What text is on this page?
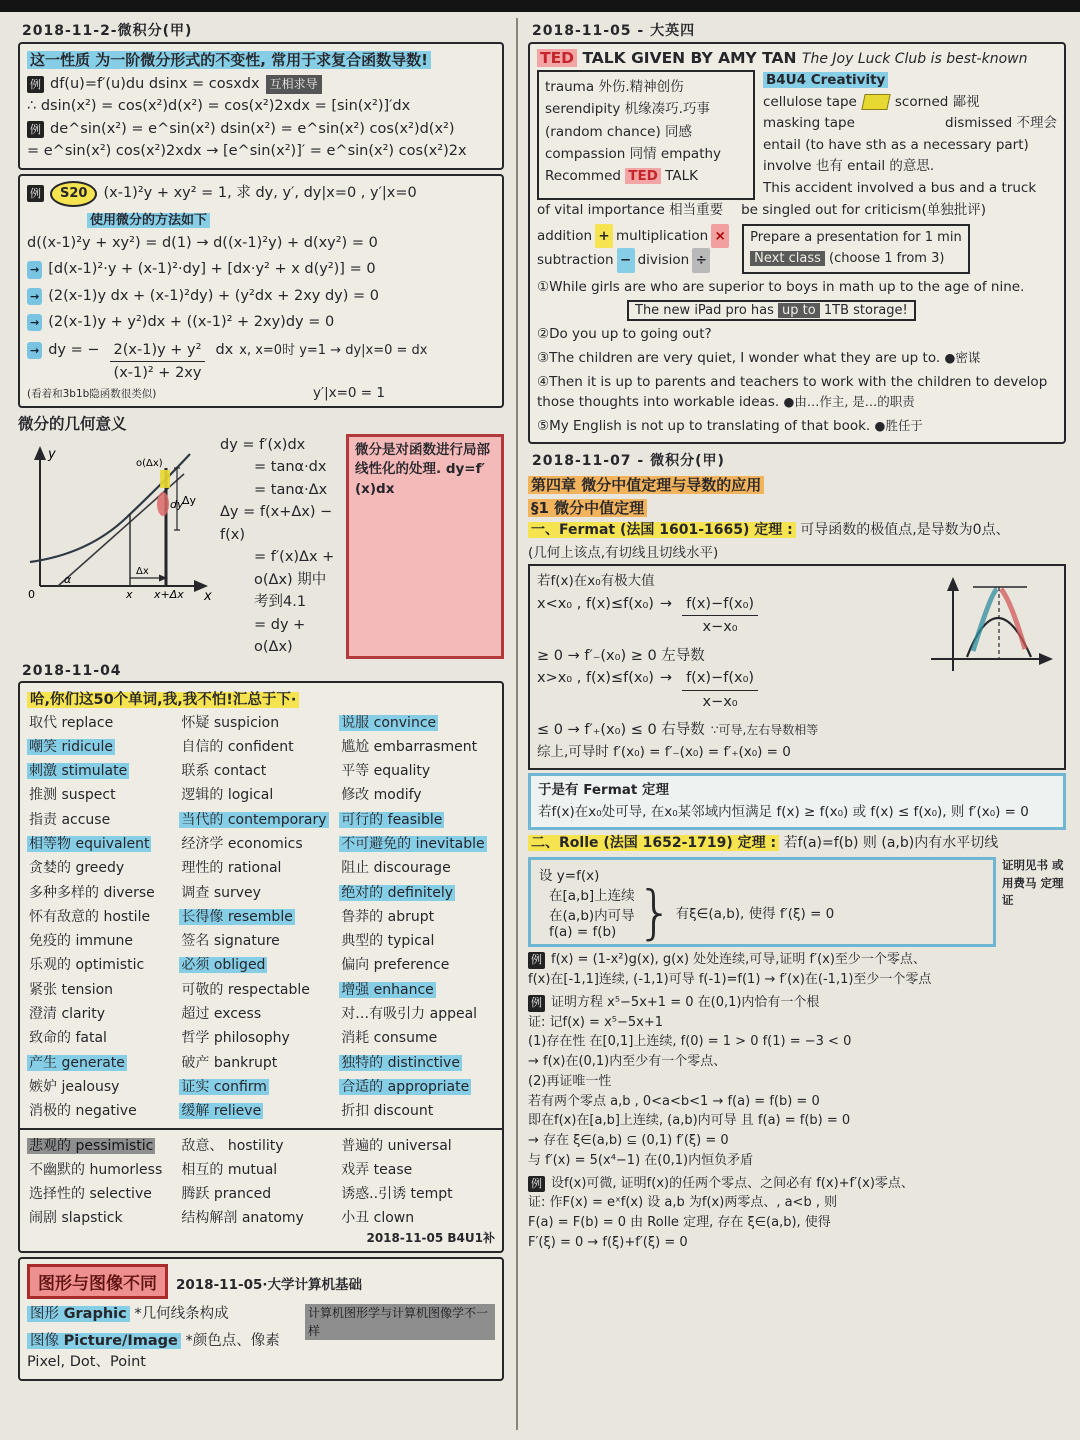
2018-11-2-微积分(甲)
这一性质 为一阶微分形式的不变性, 常用于求复合函数导数!
例 df(u)=f′(u)du dsinx = cosxdx 互相求导
∴ dsin(x²) = cos(x²)d(x²) = cos(x²)2xdx = [sin(x²)]′dx
例 de^sin(x²) = e^sin(x²) dsin(x²) = e^sin(x²) cos(x²)d(x²)
= e^sin(x²) cos(x²)2xdx → [e^sin(x²)]′ = e^sin(x²) cos(x²)2x
例	S20	(x-1)²y + xy² = 1, 求 dy, y′, dy|x=0 , y′|x=0
使用微分的方法如下
d((x-1)²y + xy²) = d(1) → d((x-1)²y) + d(xy²) = 0
→ [d(x-1)²·y + (x-1)²·dy] + [dx·y² + x d(y²)] = 0
→ (2(x-1)y dx + (x-1)²dy) + (y²dx + 2xy dy) = 0
→ (2(x-1)y + y²)dx + ((x-1)² + 2xy)dy = 0
→ dy = − $\frac{\text{2(x-1)y + y²}}{\text{(x-1)² + 2xy}}$ dx x, x=0时 y=1 → dy|x=0 = dx
(看着和3b1b隐函数很类似)	y′|x=0 = 1
微分的几何意义
y
x
0
α
x x+Δx
Δx
dy
Δy
o(Δx)
dy = f′(x)dx
= tanα·dx
= tanα·Δx
Δy = f(x+Δx) − f(x)
= f′(x)Δx + o(Δx) 期中考到4.1
= dy + o(Δx)
微分是对函数进行局部线性化的处理. dy=f′(x)dx
2018-11-04
哈,你们这50个单词,我,我不怕!汇总于下·
取代 replace	怀疑 suspicion	说服 convince
嘲笑 ridicule	自信的 confident	尴尬 embarrasment
刺激 stimulate	联系 contact	平等 equality
推测 suspect	逻辑的 logical	修改 modify
指责 accuse	当代的 contemporary	可行的 feasible
相等物 equivalent	经济学 economics	不可避免的 inevitable
贪婪的 greedy	理性的 rational	阻止 discourage
多种多样的 diverse	调查 survey	绝对的 definitely
怀有敌意的 hostile	长得像 resemble	鲁莽的 abrupt
免疫的 immune	签名 signature	典型的 typical
乐观的 optimistic	必须 obliged	偏向 preference
紧张 tension	可敬的 respectable	增强 enhance
澄清 clarity	超过 excess	对…有吸引力 appeal
致命的 fatal	哲学 philosophy	消耗 consume
产生 generate	破产 bankrupt	独特的 distinctive
嫉妒 jealousy	证实 confirm	合适的 appropriate
消极的 negative	缓解 relieve	折扣 discount
悲观的 pessimistic	敌意、 hostility	普遍的 universal
不幽默的 humorless	相互的 mutual	戏弄 tease
选择性的 selective	腾跃 pranced	诱惑..引诱 tempt
闹剧 slapstick	结构解剖 anatomy	小丑 clown
2018-11-05 B4U1补
图形与图像不同	2018-11-05·大学计算机基础
图形 Graphic *几何线条构成	计算机图形学与计算机图像学不一样
图像 Picture/Image *颜色点、像素 Pixel, Dot、Point
2018-11-05 - 大英四
TED TALK GIVEN BY AMY TAN The Joy Luck Club is best-known
trauma 外伤.精神创伤
serendipity 机缘凑巧.巧事
(random chance) 同感
compassion 同情 empathy
Recommed TED TALK
B4U4 Creativity
cellulose tape	scorned 鄙视
masking tape	dismissed 不理会
entail (to have sth as a necessary part)
involve 也有 entail 的意思.
This accident involved a bus and a truck
of vital importance 相当重要 be singled out for criticism(单独批评)
addition + multiplication ×
subtraction − division ÷
Prepare a presentation for 1 min
Next class (choose 1 from 3)
①While girls are who are superior to boys in math up to the age of nine.
The new iPad pro has up to 1TB storage!
②Do you up to going out?
③The children are very quiet, I wonder what they are up to. ●密谋
④Then it is up to parents and teachers to work with the children to develop those thoughts into workable ideas. ●由…作主, 是…的职责
⑤My English is not up to translating of that book. ●胜任于
2018-11-07 - 微积分(甲)
第四章 微分中值定理与导数的应用
§1 微分中值定理
一、Fermat (法国 1601-1665) 定理 : 可导函数的极值点,是导数为0点、
(几何上该点,有切线且切线水平)
若f(x)在x₀有极大值
x<x₀ , $f(x)\le f(x_0) \to \frac{\text{f(x)−f(x₀)}}{\text{x−x₀}}$
≥ 0 → f′₋(x₀) ≥ 0 左导数
x>x₀ , $f(x)\le f(x_0) \to \frac{\text{f(x)−f(x₀)}}{\text{x−x₀}}$
≤ 0 → f′₊(x₀) ≤ 0 右导数 ∵可导,左右导数相等
综上,可导时 f′(x₀) = f′₋(x₀) = f′₊(x₀) = 0
于是有 Fermat 定理
若f(x)在x₀处可导, 在x₀某邻域内恒满足 f(x) ≥ f(x₀) 或 f(x) ≤ f(x₀), 则 f′(x₀) = 0
二、Rolle (法国 1652-1719) 定理 : 若f(a)=f(b) 则 (a,b)内有水平切线
设 y=f(x)
在[a,b]上连续
在(a,b)内可导
f(a) = f(b) } 有ξ∈(a,b), 使得 f′(ξ) = 0
证明见书 或用费马 定理证
例 f(x) = (1-x²)g(x), g(x) 处处连续,可导,证明 f′(x)至少一个零点、
f(x)在[-1,1]连续, (-1,1)可导 f(-1)=f(1) → f′(x)在(-1,1)至少一个零点
例 证明方程 x⁵−5x+1 = 0 在(0,1)内恰有一个根
证: 记f(x) = x⁵−5x+1
(1)存在性 在[0,1]上连续, f(0) = 1 > 0 f(1) = −3 < 0
→ f(x)在(0,1)内至少有一个零点、
(2)再证唯一性
若有两个零点 a,b , 0<a<b<1 → f(a) = f(b) = 0
即在f(x)在[a,b]上连续, (a,b)内可导 且 f(a) = f(b) = 0
→ 存在 ξ∈(a,b) ⊆ (0,1) f′(ξ) = 0
与 f′(x) = 5(x⁴−1) 在(0,1)内恒负矛盾
例 设f(x)可微, 证明f(x)的任两个零点、之间必有 f(x)+f′(x)零点、
证: 作F(x) = eˣf(x) 设 a,b 为f(x)两零点、, a<b , 则
F(a) = F(b) = 0 由 Rolle 定理, 存在 ξ∈(a,b), 使得
F′(ξ) = 0 → f(ξ)+f′(ξ) = 0
